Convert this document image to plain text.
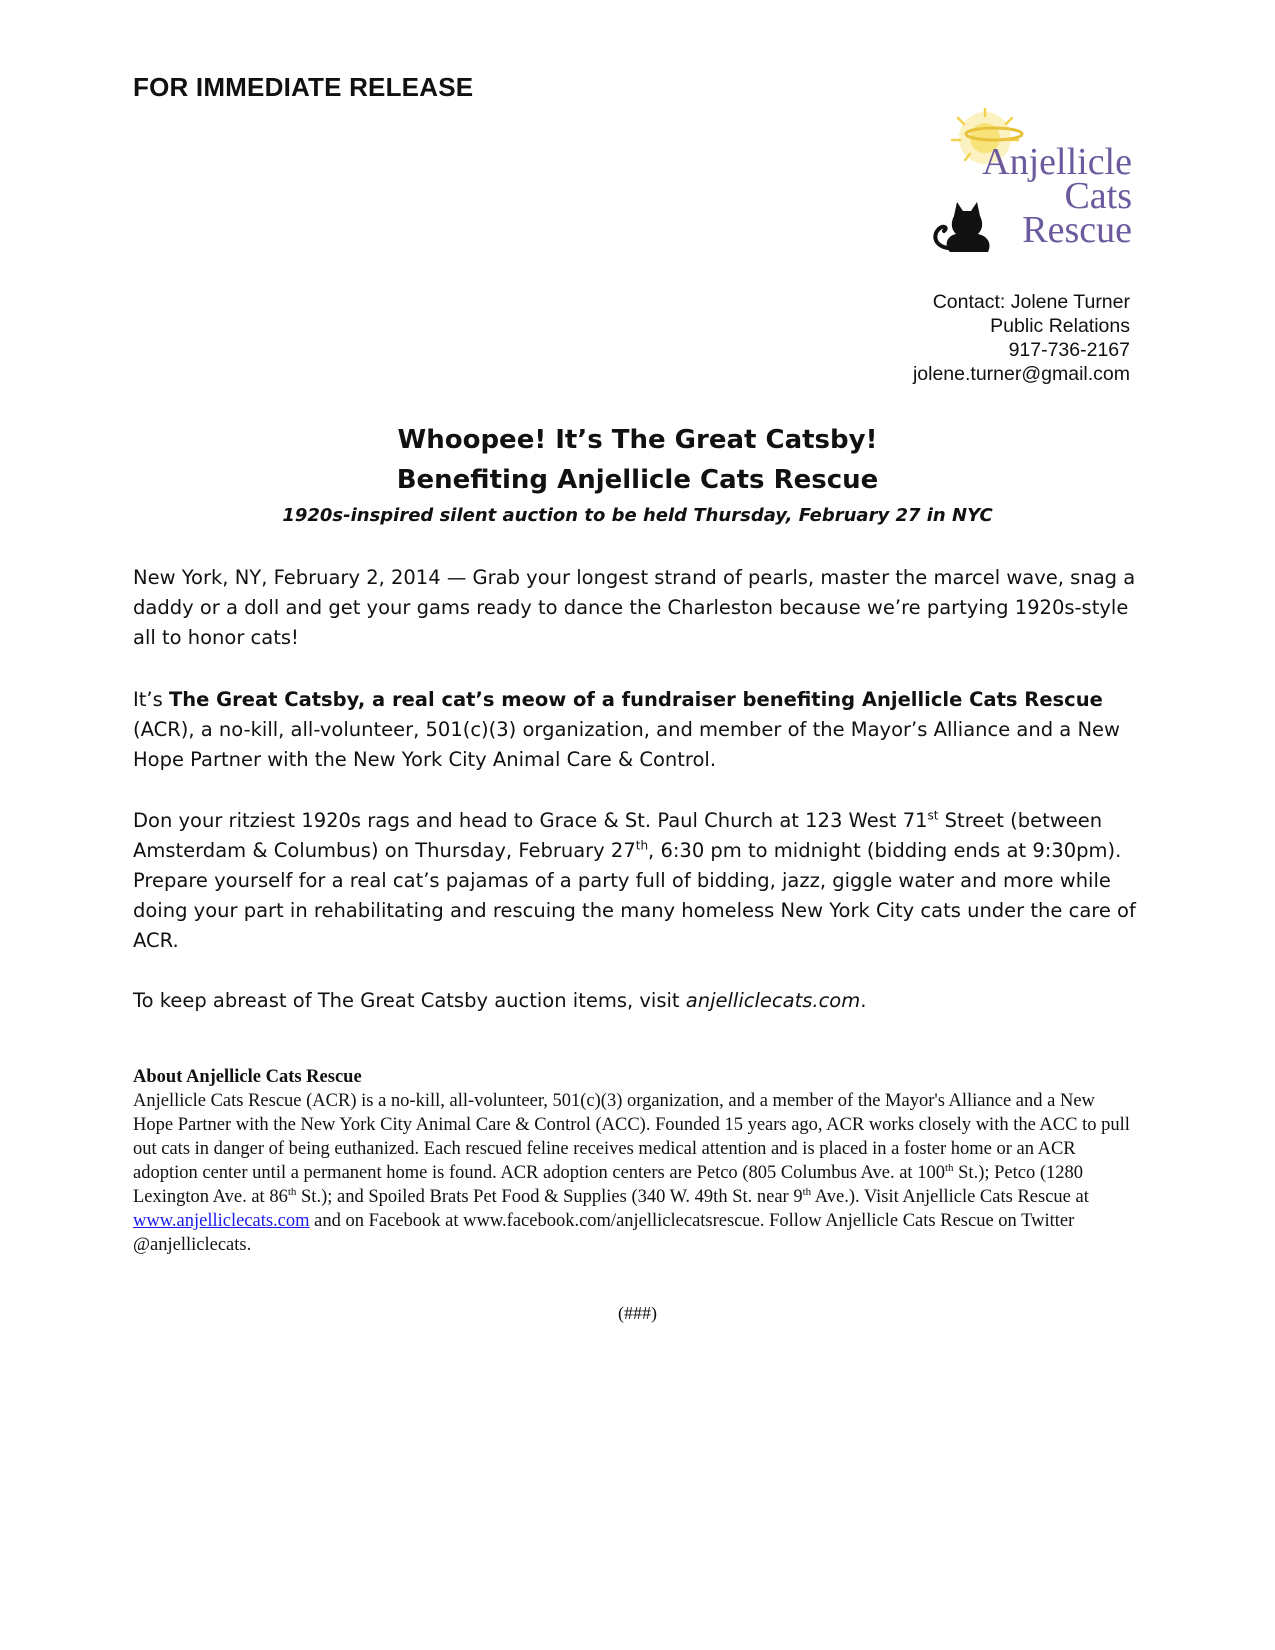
FOR IMMEDIATE RELEASE
Anjellicle
Cats
Rescue
Contact: Jolene Turner
Public Relations
917-736-2167
jolene.turner@gmail.com
Whoopee! It’s The Great Catsby!
Benefiting Anjellicle Cats Rescue
1920s-inspired silent auction to be held Thursday, February 27 in NYC

New York, NY, February 2, 2014 — Grab your longest strand of pearls, master the marcel wave, snag a daddy or a doll and get your gams ready to dance the Charleston because we’re partying 1920s-style all to honor cats!

It’s The Great Catsby, a real cat’s meow of a fundraiser benefiting Anjellicle Cats Rescue (ACR), a no-kill, all-volunteer, 501(c)(3) organization, and member of the Mayor’s Alliance and a New Hope Partner with the New York City Animal Care & Control.

Don your ritziest 1920s rags and head to Grace & St. Paul Church at 123 West 71st Street (between Amsterdam & Columbus) on Thursday, February 27th, 6:30 pm to midnight (bidding ends at 9:30pm). Prepare yourself for a real cat’s pajamas of a party full of bidding, jazz, giggle water and more while doing your part in rehabilitating and rescuing the many homeless New York City cats under the care of ACR.

To keep abreast of The Great Catsby auction items, visit anjelliclecats.com.

About Anjellicle Cats Rescue
Anjellicle Cats Rescue (ACR) is a no-kill, all-volunteer, 501(c)(3) organization, and a member of the Mayor's Alliance and a New Hope Partner with the New York City Animal Care & Control (ACC). Founded 15 years ago, ACR works closely with the ACC to pull out cats in danger of being euthanized. Each rescued feline receives medical attention and is placed in a foster home or an ACR adoption center until a permanent home is found. ACR adoption centers are Petco (805 Columbus Ave. at 100th St.); Petco (1280 Lexington Ave. at 86th St.); and Spoiled Brats Pet Food & Supplies (340 W. 49th St. near 9th Ave.). Visit Anjellicle Cats Rescue at www.anjelliclecats.com and on Facebook at www.facebook.com/anjelliclecatsrescue. Follow Anjellicle Cats Rescue on Twitter @anjelliclecats.
(###)
